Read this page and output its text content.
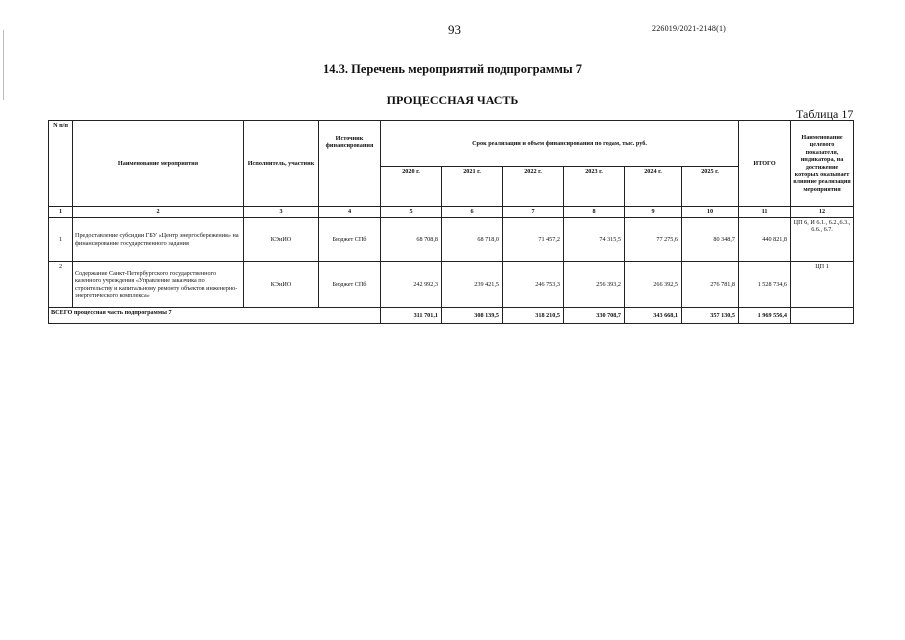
93	226019/2021-2148(1)
14.3. Перечень мероприятий подпрограммы 7
ПРОЦЕССНАЯ ЧАСТЬ
Таблица 17
N п/п	Наименование мероприятия	Исполнитель, участник	Источник финансирования	Срок реализации и объем финансирования по годам, тыс. руб.						ИТОГО	Наименование целевого показателя, индикатора, на достижение которых оказывает влияние реализация мероприятия
				2020 г.	2021 г.	2022 г.	2023 г.	2024 г.	2025 г.		
1	2	3	4	5	6	7	8	9	10	11	12
1	Предоставление субсидии ГБУ «Центр энергосбережения» на финансирование государственного задания	КЭиИО	Бюджет СПб	68 708,8	68 718,0	71 457,2	74 315,5	77 275,6	80 348,7	440 821,8	ЦП 6, И 6.1., 6.2.,6.3., 6.6., 6.7.
2	Содержание Санкт-Петербургского государственного казенного учреждения «Управление заказчика по строительству и капитальному ремонту объектов инженерно-энергетического комплекса»	КЭиИО	Бюджет СПб	242 992,3	239 421,5	246 753,3	256 393,2	266 392,5	276 781,8	1 528 734,6	ЦП 1
ВСЕГО процессная часть подпрограммы 7				311 701,1	308 139,5	318 210,5	330 708,7	343 668,1	357 130,5	1 969 556,4	
